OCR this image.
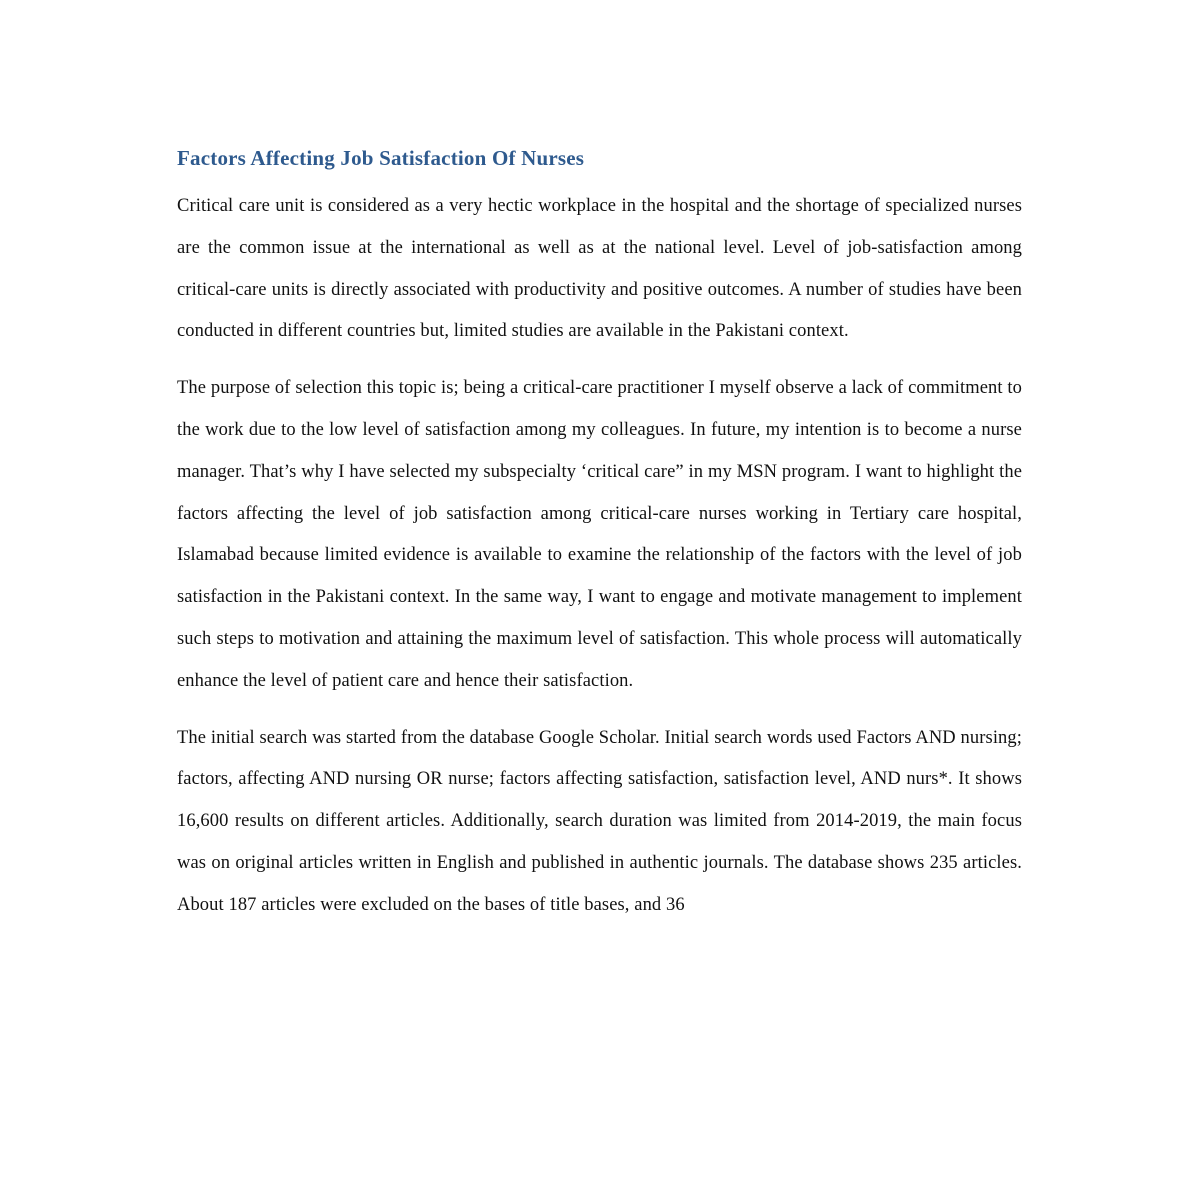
Factors Affecting Job Satisfaction Of Nurses

Critical care unit is considered as a very hectic workplace in the hospital and the shortage of specialized nurses are the common issue at the international as well as at the national level. Level of job-satisfaction among critical-care units is directly associated with productivity and positive outcomes. A number of studies have been conducted in different countries but, limited studies are available in the Pakistani context.

The purpose of selection this topic is; being a critical-care practitioner I myself observe a lack of commitment to the work due to the low level of satisfaction among my colleagues. In future, my intention is to become a nurse manager. That’s why I have selected my subspecialty ‘critical care” in my MSN program. I want to highlight the factors affecting the level of job satisfaction among critical-care nurses working in Tertiary care hospital, Islamabad because limited evidence is available to examine the relationship of the factors with the level of job satisfaction in the Pakistani context. In the same way, I want to engage and motivate management to implement such steps to motivation and attaining the maximum level of satisfaction. This whole process will automatically enhance the level of patient care and hence their satisfaction.

The initial search was started from the database Google Scholar. Initial search words used Factors AND nursing; factors, affecting AND nursing OR nurse; factors affecting satisfaction, satisfaction level, AND nurs*. It shows 16,600 results on different articles. Additionally, search duration was limited from 2014-2019, the main focus was on original articles written in English and published in authentic journals. The database shows 235 articles. About 187 articles were excluded on the bases of title bases, and 36
